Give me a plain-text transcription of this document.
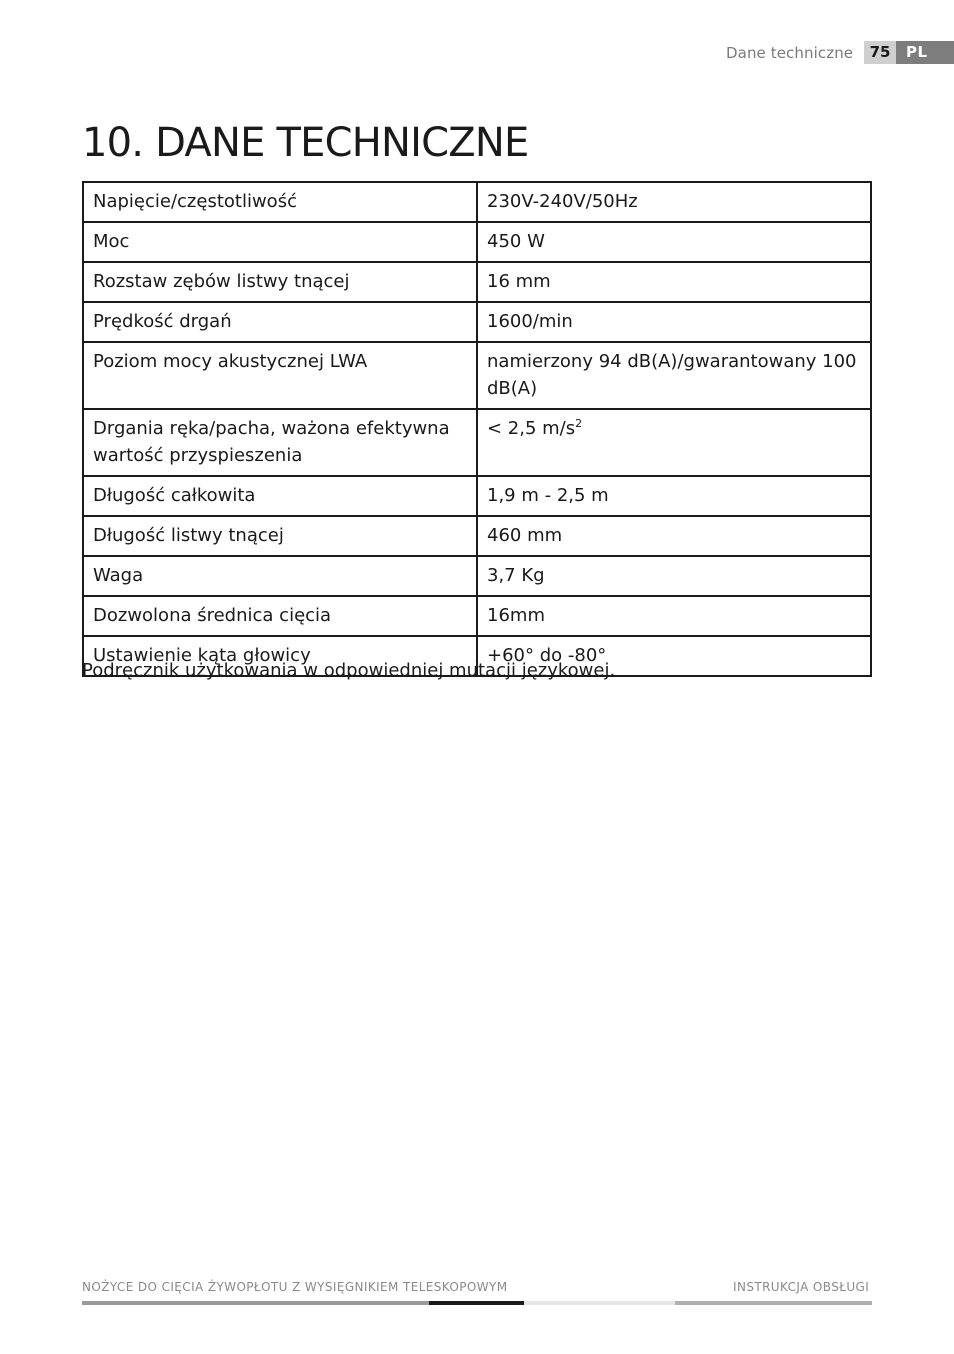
Dane techniczne	75	PL
10. DANE TECHNICZNE
Napięcie/częstotliwość	230V-240V/50Hz
Moc	450 W
Rozstaw zębów listwy tnącej	16 mm
Prędkość drgań	1600/min
Poziom mocy akustycznej LWA	namierzony 94 dB(A)/gwarantowany 100 dB(A)
Drgania ręka/pacha, ważona efektywna wartość przyspieszenia	< 2,5 $m/s^2$
Długość całkowita	1,9 m - 2,5 m
Długość listwy tnącej	460 mm
Waga	3,7 Kg
Dozwolona średnica cięcia	16mm
Ustawienie kąta głowicy	+60° do -80°

Podręcznik użytkowania w odpowiedniej mutacji językowej.

NOŻYCE DO CIĘCIA ŻYWOPŁOTU Z WYSIĘGNIKIEM TELESKOPOWYM	INSTRUKCJA OBSŁUGI
